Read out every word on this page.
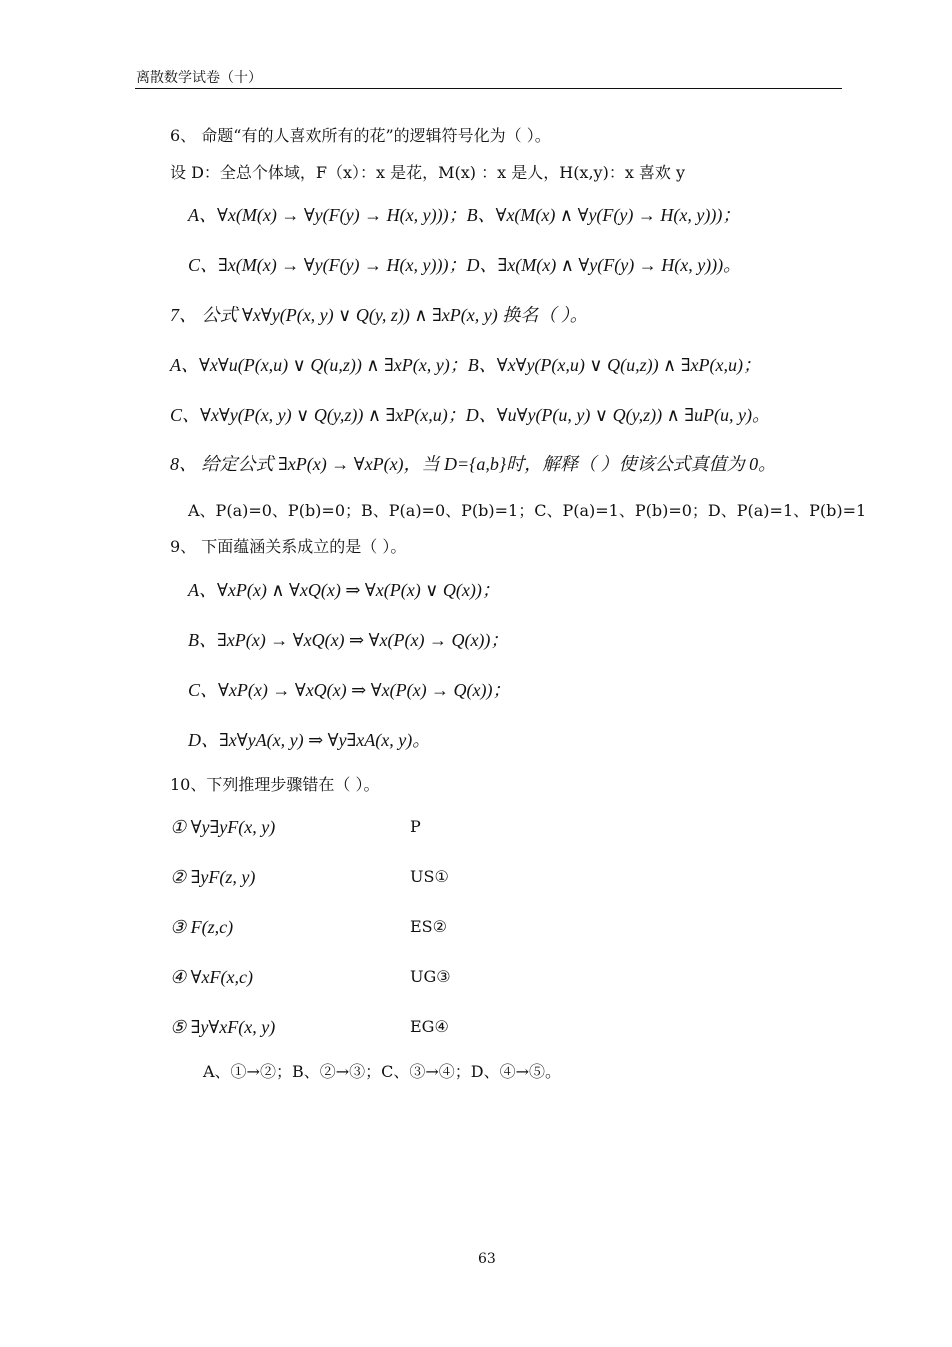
离散数学试卷（十）
6、 命题“有的人喜欢所有的花”的逻辑符号化为（ ）。
设 D：全总个体域，F（x）：x 是花，M(x) ：x 是人，H(x,y)：x 喜欢 y
A、∀x(M(x) → ∀y(F(y) → H(x, y)))；B、∀x(M(x) ∧ ∀y(F(y) → H(x, y)))；
C、∃x(M(x) → ∀y(F(y) → H(x, y)))；D、∃x(M(x) ∧ ∀y(F(y) → H(x, y)))。
7、 公式 ∀x∀y(P(x, y) ∨ Q(y, z)) ∧ ∃xP(x, y) 换名（ ）。
A、∀x∀u(P(x,u) ∨ Q(u,z)) ∧ ∃xP(x, y)；B、∀x∀y(P(x,u) ∨ Q(u,z)) ∧ ∃xP(x,u)；
C、∀x∀y(P(x, y) ∨ Q(y,z)) ∧ ∃xP(x,u)；D、∀u∀y(P(u, y) ∨ Q(y,z)) ∧ ∃uP(u, y)。
8、 给定公式 ∃xP(x) → ∀xP(x)，当 D={a,b}时，解释（ ）使该公式真值为 0。
A、P(a)=0、P(b)=0；B、P(a)=0、P(b)=1；C、P(a)=1、P(b)=0；D、P(a)=1、P(b)=1
9、 下面蕴涵关系成立的是（ ）。
A、∀xP(x) ∧ ∀xQ(x) ⇒ ∀x(P(x) ∨ Q(x))；
B、∃xP(x) → ∀xQ(x) ⇒ ∀x(P(x) → Q(x))；
C、∀xP(x) → ∀xQ(x) ⇒ ∀x(P(x) → Q(x))；
D、∃x∀yA(x, y) ⇒ ∀y∃xA(x, y)。
10、下列推理步骤错在（ ）。
① ∀y∃yF(x, y)	P
② ∃yF(z, y)	US①
③ F(z,c)	ES②
④ ∀xF(x,c)	UG③
⑤ ∃y∀xF(x, y)	EG④
A、①→②；B、②→③；C、③→④；D、④→⑤。
63
